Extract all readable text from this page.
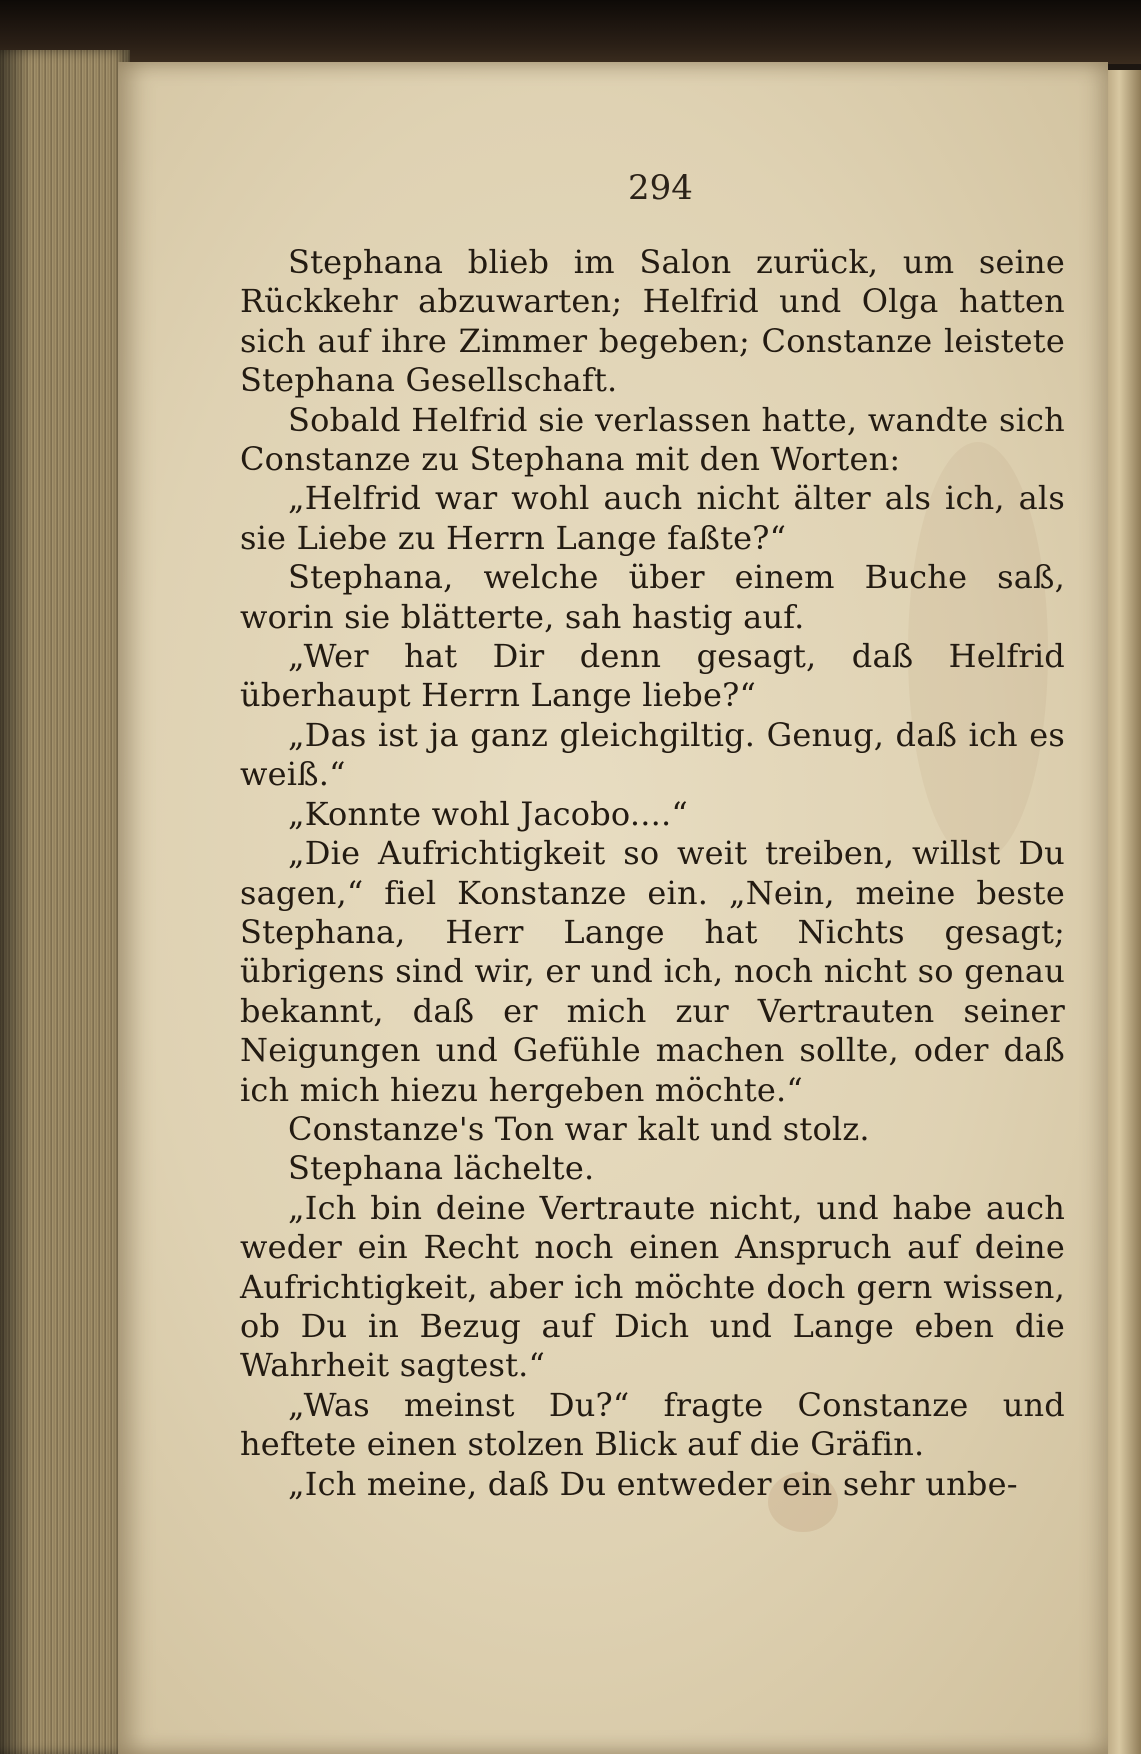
294

Stephana blieb im Salon zurück, um seine Rückkehr abzuwarten; Helfrid und Olga hatten sich auf ihre Zimmer begeben; Constanze leistete Stephana Gesellschaft.

Sobald Helfrid sie verlassen hatte, wandte sich Constanze zu Stephana mit den Worten:

„Helfrid war wohl auch nicht älter als ich, als sie Liebe zu Herrn Lange faßte?“

Stephana, welche über einem Buche saß, worin sie blätterte, sah hastig auf.

„Wer hat Dir denn gesagt, daß Helfrid überhaupt Herrn Lange liebe?“

„Das ist ja ganz gleichgiltig. Genug, daß ich es weiß.“

„Konnte wohl Jacobo....“

„Die Aufrichtigkeit so weit treiben, willst Du sagen,“ fiel Konstanze ein. „Nein, meine beste Stephana, Herr Lange hat Nichts gesagt; übrigens sind wir, er und ich, noch nicht so genau bekannt, daß er mich zur Vertrauten seiner Neigungen und Gefühle machen sollte, oder daß ich mich hiezu hergeben möchte.“

Constanze's Ton war kalt und stolz.

Stephana lächelte.

„Ich bin deine Vertraute nicht, und habe auch weder ein Recht noch einen Anspruch auf deine Aufrichtigkeit, aber ich möchte doch gern wissen, ob Du in Bezug auf Dich und Lange eben die Wahrheit sagtest.“

„Was meinst Du?“ fragte Constanze und heftete einen stolzen Blick auf die Gräfin.

„Ich meine, daß Du entweder ein sehr unbe-
